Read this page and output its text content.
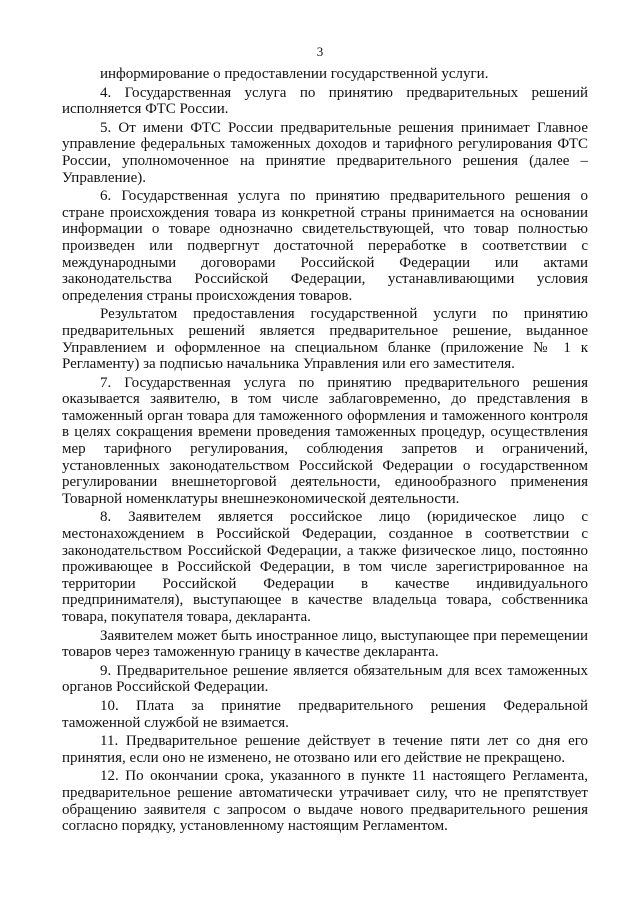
3

информирование о предоставлении государственной услуги.

4. Государственная услуга по принятию предварительных решений исполняется ФТС России.

5. От имени ФТС России предварительные решения принимает Главное управление федеральных таможенных доходов и тарифного регулирования ФТС России, уполномоченное на принятие предварительного решения (далее – Управление).

6. Государственная услуга по принятию предварительного решения о стране происхождения товара из конкретной страны принимается на основании информации о товаре однозначно свидетельствующей, что товар полностью произведен или подвергнут достаточной переработке в соответствии с международными договорами Российской Федерации или актами законодательства Российской Федерации, устанавливающими условия определения страны происхождения товаров.

Результатом предоставления государственной услуги по принятию предварительных решений является предварительное решение, выданное Управлением и оформленное на специальном бланке (приложение № 1 к Регламенту) за подписью начальника Управления или его заместителя.

7. Государственная услуга по принятию предварительного решения оказывается заявителю, в том числе заблаговременно, до представления в таможенный орган товара для таможенного оформления и таможенного контроля в целях сокращения времени проведения таможенных процедур, осуществления мер тарифного регулирования, соблюдения запретов и ограничений, установленных законодательством Российской Федерации о государственном регулировании внешнеторговой деятельности, единообразного применения Товарной номенклатуры внешнеэкономической деятельности.

8. Заявителем является российское лицо (юридическое лицо с местонахождением в Российской Федерации, созданное в соответствии с законодательством Российской Федерации, а также физическое лицо, постоянно проживающее в Российской Федерации, в том числе зарегистрированное на территории Российской Федерации в качестве индивидуального предпринимателя), выступающее в качестве владельца товара, собственника товара, покупателя товара, декларанта.

Заявителем может быть иностранное лицо, выступающее при перемещении товаров через таможенную границу в качестве декларанта.

9. Предварительное решение является обязательным для всех таможенных органов Российской Федерации.

10. Плата за принятие предварительного решения Федеральной таможенной службой не взимается.

11. Предварительное решение действует в течение пяти лет со дня его принятия, если оно не изменено, не отозвано или его действие не прекращено.

12. По окончании срока, указанного в пункте 11 настоящего Регламента, предварительное решение автоматически утрачивает силу, что не препятствует обращению заявителя с запросом о выдаче нового предварительного решения согласно порядку, установленному настоящим Регламентом.
